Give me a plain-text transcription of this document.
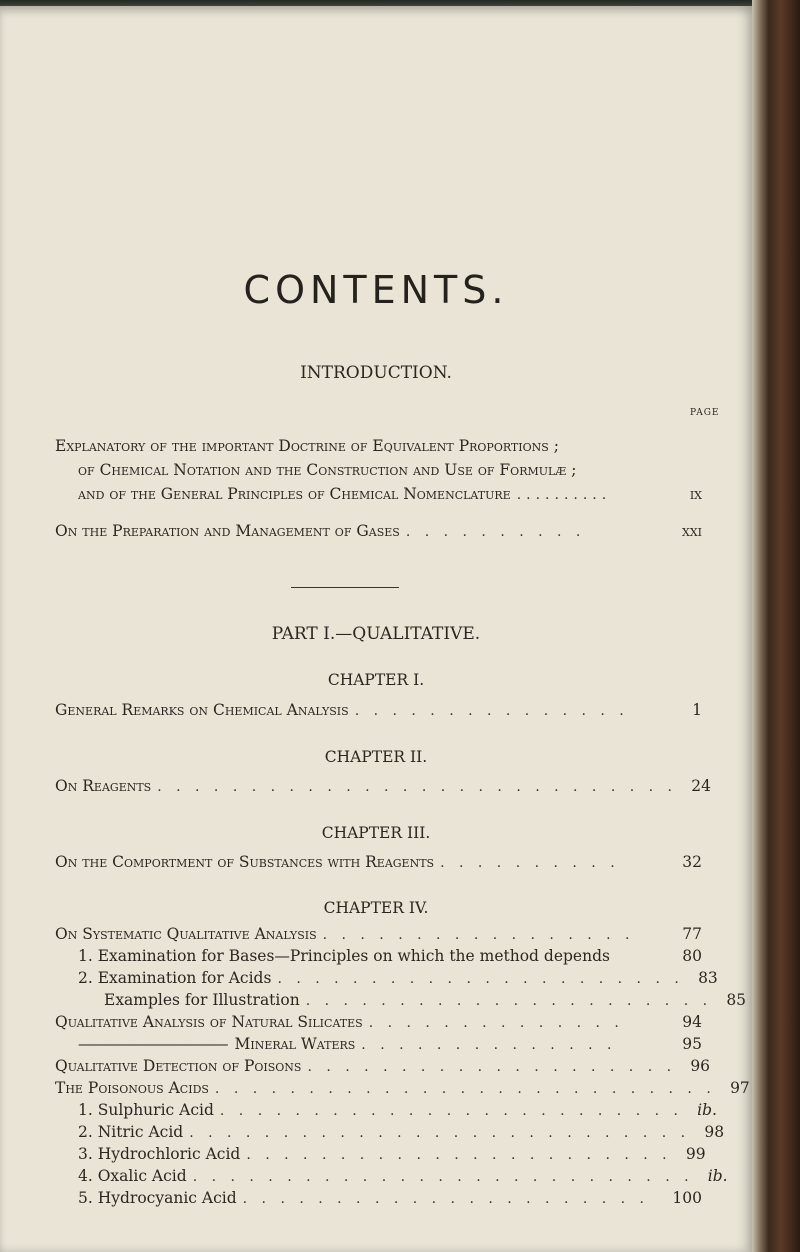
CONTENTS.
INTRODUCTION.
PAGE
Explanatory of the important Doctrine of Equivalent Proportions ;
of Chemical Notation and the Construction and Use of Formulæ ;
and of the General Principles of Chemical Nomenclature ..........	ix
On the Preparation and Management of Gases . . . . . . . . . .	xxi
PART I.—QUALITATIVE.
CHAPTER I.
General Remarks on Chemical Analysis . . . . . . . . . . . . . . .	1
CHAPTER II.
On Reagents . . . . . . . . . . . . . . . . . . . . . . . . . . . . 24
CHAPTER III.
On the Comportment of Substances with Reagents . . . . . . . . . .	32
CHAPTER IV.
On Systematic Qualitative Analysis . . . . . . . . . . . . . . . . .	77
1. Examination for Bases—Principles on which the method depends	80
2. Examination for Acids . . . . . . . . . . . . . . . . . . . . . . 83
Examples for Illustration . . . . . . . . . . . . . . . . . . . . . . 85
Qualitative Analysis of Natural Silicates . . . . . . . . . . . . . .	94
——————————— Mineral Waters . . . . . . . . . . . . . .	95
Qualitative Detection of Poisons . . . . . . . . . . . . . . . . . . . . 96
The Poisonous Acids . . . . . . . . . . . . . . . . . . . . . . . . . . . 97
1. Sulphuric Acid . . . . . . . . . . . . . . . . . . . . . . . . . ib.
2. Nitric Acid . . . . . . . . . . . . . . . . . . . . . . . . . . . 98
3. Hydrochloric Acid . . . . . . . . . . . . . . . . . . . . . . . 99
4. Oxalic Acid . . . . . . . . . . . . . . . . . . . . . . . . . . . ib.
5. Hydrocyanic Acid . . . . . . . . . . . . . . . . . . . . . .	100
